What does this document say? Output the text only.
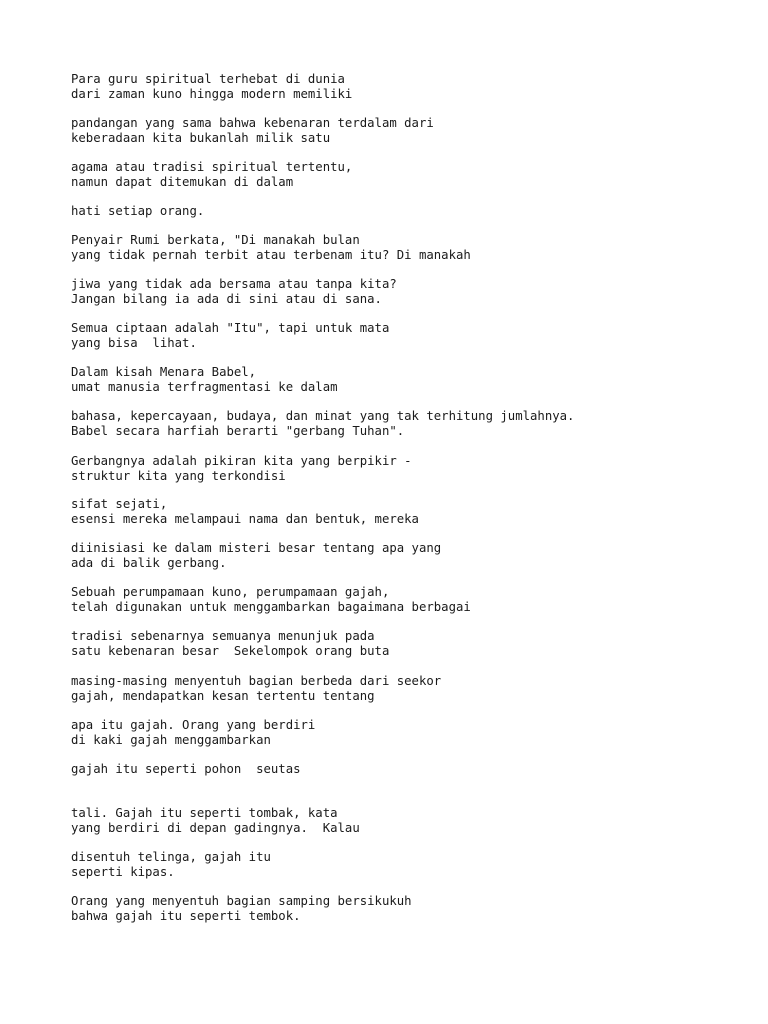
Para guru spiritual terhebat di dunia
dari zaman kuno hingga modern memiliki
pandangan yang sama bahwa kebenaran terdalam dari
keberadaan kita bukanlah milik satu
agama atau tradisi spiritual tertentu,
namun dapat ditemukan di dalam
hati setiap orang.
Penyair Rumi berkata, "Di manakah bulan
yang tidak pernah terbit atau terbenam itu? Di manakah
jiwa yang tidak ada bersama atau tanpa kita?
Jangan bilang ia ada di sini atau di sana.
Semua ciptaan adalah "Itu", tapi untuk mata
yang bisa  lihat.
Dalam kisah Menara Babel,
umat manusia terfragmentasi ke dalam
bahasa, kepercayaan, budaya, dan minat yang tak terhitung jumlahnya.
Babel secara harfiah berarti "gerbang Tuhan".
Gerbangnya adalah pikiran kita yang berpikir -
struktur kita yang terkondisi
sifat sejati,
esensi mereka melampaui nama dan bentuk, mereka
diinisiasi ke dalam misteri besar tentang apa yang
ada di balik gerbang.
Sebuah perumpamaan kuno, perumpamaan gajah,
telah digunakan untuk menggambarkan bagaimana berbagai
tradisi sebenarnya semuanya menunjuk pada
satu kebenaran besar  Sekelompok orang buta
masing-masing menyentuh bagian berbeda dari seekor
gajah, mendapatkan kesan tertentu tentang
apa itu gajah. Orang yang berdiri
di kaki gajah menggambarkan
gajah itu seperti pohon  seutas
tali. Gajah itu seperti tombak, kata
yang berdiri di depan gadingnya.  Kalau
disentuh telinga, gajah itu
seperti kipas.
Orang yang menyentuh bagian samping bersikukuh
bahwa gajah itu seperti tembok.
